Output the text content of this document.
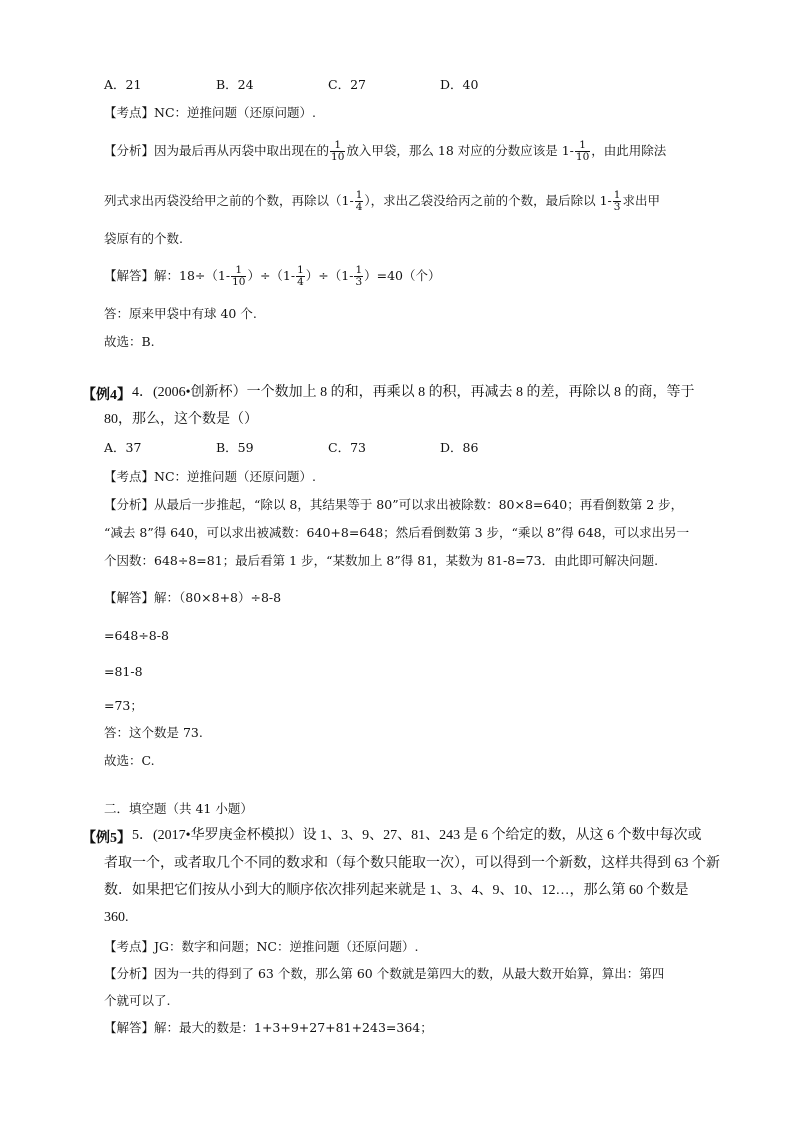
A．21	B．24	C．27	D．40
【考点】NC：逆推问题（还原问题）.
【分析】因为最后再从丙袋中取出现在的 $\frac{1}{10}$ 放入甲袋，那么 18 对应的分数应该是 $1- \frac{1}{10}$ ，由此用除法
列式求出丙袋没给甲之前的个数，再除以（$1- \frac{1}{4}$ ），求出乙袋没给丙之前的个数，最后除以 $1- \frac{1}{3}$ 求出甲
袋原有的个数.
【解答】解：$18\div(1- \frac{1}{10} )\div(1- \frac{1}{4} )\div(1- \frac{1}{3} )=40$（个）
答：原来甲袋中有球 40 个.
故选：B.
【例4】 4．(2006•创新杯）一个数加上 8 的和，再乘以 8 的积，再减去 8 的差，再除以 8 的商，等于
80，那么，这个数是（）
A．37	B．59	C．73	D．86
【考点】NC：逆推问题（还原问题）.
【分析】从最后一步推起，“除以 8，其结果等于 80”可以求出被除数：80×8=640；再看倒数第 2 步，
“减去 8”得 640，可以求出被减数：640+8=648；然后看倒数第 3 步，“乘以 8”得 648，可以求出另一
个因数：648÷8=81；最后看第 1 步，“某数加上 8”得 81，某数为 81-8=73．由此即可解决问题.
【解答】解：（80×8+8）÷8-8
=648÷8-8
=81-8
=73；
答：这个数是 73.
故选：C.
二．填空题（共 41 小题）
【例5】 5．(2017•华罗庚金杯模拟）设 1、3、9、27、81、243 是 6 个给定的数，从这 6 个数中每次或
者取一个，或者取几个不同的数求和（每个数只能取一次），可以得到一个新数，这样共得到 63 个新
数．如果把它们按从小到大的顺序依次排列起来就是 1、3、4、9、10、12…，那么第 60 个数是
360.
【考点】JG：数字和问题；NC：逆推问题（还原问题）.
【分析】因为一共的得到了 63 个数，那么第 60 个数就是第四大的数，从最大数开始算，算出：第四
个就可以了.
【解答】解：最大的数是：1+3+9+27+81+243=364；
